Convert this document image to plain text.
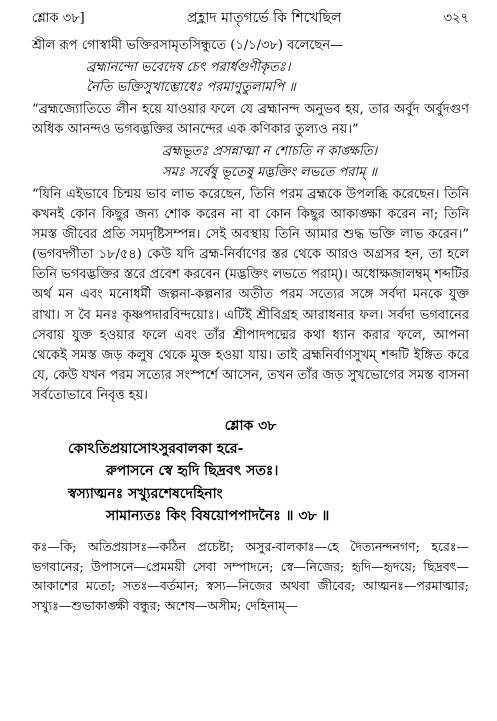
শ্লোক ৩৮]	প্রহ্লাদ মাতৃগর্ভে কি শিখেছিল	৩২৭

শ্রীল রূপ গোস্বামী ভক্তিরসামৃতসিন্ধুতে (১/১/৩৮) বলেছেন—

ব্রহ্মানন্দো ভবেদেষ চেৎ পরার্ধগুণীকৃতঃ।
নৈতি ভক্তিসুখাম্ভোধেঃ পরমাণুতুলামপি ॥

“ব্রহ্মজ্যোতিতে লীন হয়ে যাওয়ার ফলে যে ব্রহ্মানন্দ অনুভব হয়, তার অর্বুদ অর্বুদগুণ অধিক আনন্দও ভগবদ্ভক্তির আনন্দের এক কণিকার তুল্যও নয়।”

ব্রহ্মভূতঃ প্রসন্নাত্মা ন শোচতি ন কাঙ্ক্ষতি।
সমঃ সর্বেষু ভূতেষু মদ্ভক্তিং লভতে পরাম্ ॥

“যিনি এইভাবে চিন্ময় ভাব লাভ করেছেন, তিনি পরম ব্রহ্মকে উপলব্ধি করেছেন। তিনি কখনই কোন কিছুর জন্য শোক করেন না বা কোন কিছুর আকাঙ্ক্ষা করেন না; তিনি সমস্ত জীবের প্রতি সমদৃষ্টিসম্পন্ন। সেই অবস্থায় তিনি আমার শুদ্ধ ভক্তি লাভ করেন।” (ভগবদ্গীতা ১৮/৫৪) কেউ যদি ব্রহ্ম-নির্বাণের স্তর থেকে আরও অগ্রসর হন, তা হলে তিনি ভগবদ্ভক্তির স্তরে প্রবেশ করবেন (মদ্ভক্তিং লভতে পরাম্)। অধোক্ষজালম্বম্ শব্দটির অর্থ মন এবং মনোধর্মী জল্পনা-কল্পনার অতীত পরম সত্যের সঙ্গে সর্বদা মনকে যুক্ত রাখা। স বৈ মনঃ কৃষ্ণপদারবিন্দয়োঃ। এটিই শ্রীবিগ্রহ আরাধনার ফল। সর্বদা ভগবানের সেবায় যুক্ত হওয়ার ফলে এবং তাঁর শ্রীপাদপদ্মের কথা ধ্যান করার ফলে, আপনা থেকেই সমস্ত জড় কলুষ থেকে মুক্ত হওয়া যায়। তাই ব্রহ্মনির্বাণসুখম্ শব্দটি ইঙ্গিত করে যে, কেউ যখন পরম সত্যের সংস্পর্শে আসেন, তখন তাঁর জড় সুখভোগের সমস্ত বাসনা সর্বতোভাবে নিবৃত্ত হয়।

শ্লোক ৩৮
কোঽতিপ্রয়াসোঽসুরবালকা হরে-
রুপাসনে স্বে হৃদি ছিদ্রবৎ সতঃ।
স্বস্যাত্মনঃ সখ্যুরশেষদেহিনাং
সামান্যতঃ কিং বিষয়োপপাদনৈঃ ॥ ৩৮ ॥

কঃ—কি; অতিপ্রয়াসঃ—কঠিন প্রচেষ্টা; অসুর-বালকাঃ—হে দৈত্যনন্দনগণ; হরেঃ—ভগবানের; উপাসনে—প্রেমময়ী সেবা সম্পাদনে; স্বে—নিজের; হৃদি—হৃদয়ে; ছিদ্রবৎ—আকাশের মতো; সতঃ—বর্তমান; স্বস্য—নিজের অথবা জীবের; আত্মনঃ—পরমাত্মার; সখ্যুঃ—শুভাকাঙ্ক্ষী বন্ধুর; অশেষ—অসীম; দেহিনাম্—
